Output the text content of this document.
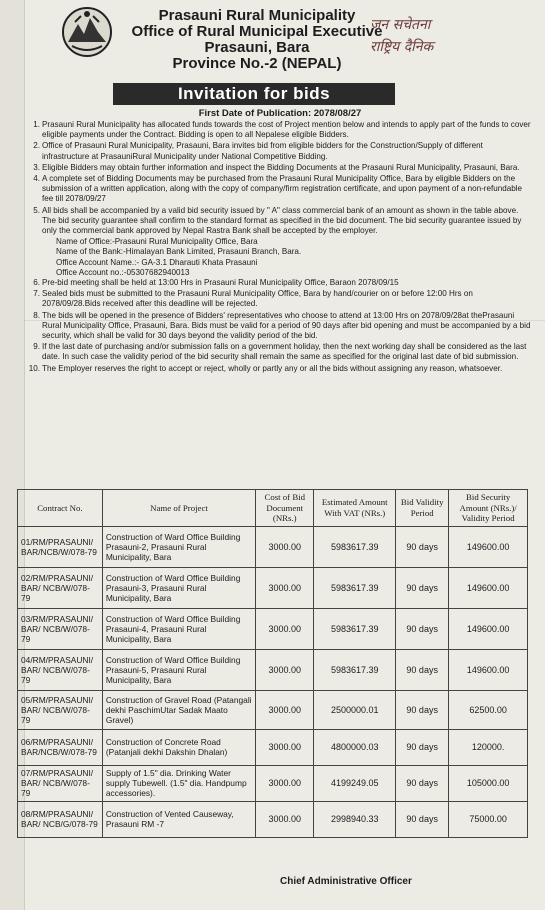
Prasauni Rural Municipality
Office of Rural Municipal Executive
Prasauni, Bara
Province No.-2 (NEPAL)
जन सचेतना
राष्ट्रिय दैनिक
Invitation for bids
First Date of Publication: 2078/08/27
1. Prasauni Rural Municipality has allocated funds towards the cost of Project mention below and intends to apply part of the funds to cover eligible payments under the Contract. Bidding is open to all Nepalese eligible Bidders.
2. Office of Prasauni Rural Municipality, Prasauni, Bara invites bid from eligible bidders for the Construction/Supply of different infrastructure at PrasauniRural Municipality under National Competitive Bidding.
3. Eligible Bidders may obtain further information and inspect the Bidding Documents at the Prasauni Rural Municipality, Prasauni, Bara.
4. A complete set of Bidding Documents may be purchased from the Prasauni Rural Municipality Office, Bara by eligible Bidders on the submission of a written application, along with the copy of company/firm registration certificate, and upon payment of a non-refundable fee till 2078/09/27
5. All bids shall be accompanied by a valid bid security issued by " A" class commercial bank of an amount as shown in the table above. The bid security guarantee shall confirm to the standard format as specified in the bid document. The bid security guarantee issued by only the commercial bank approved by Nepal Rastra Bank shall be accepted by the employer.
Name of Office:-Prasauni Rural Municipality Office, Bara
Name of the Bank:-Himalayan Bank Limited, Prasauni Branch, Bara.
Office Account Name.:- GA-3.1 Dharauti Khata Prasauni
Office Account no.:-05307682940013
6. Pre-bid meeting shall be held at 13:00 Hrs in Prasauni Rural Municipality Office, Baraon 2078/09/15
7. Sealed bids must be submitted to the Prasauni Rural Municipality Office, Bara by hand/courier on or before 12:00 Hrs on 2078/09/28.Bids received after this deadline will be rejected.
8. The bids will be opened in the presence of Bidders' representatives who choose to attend at 13:00 Hrs on 2078/09/28at thePrasauni Rural Municipality Office, Prasauni, Bara. Bids must be valid for a period of 90 days after bid opening and must be accompanied by a bid security, which shall be valid for 30 days beyond the validity period of the bid.
9. If the last date of purchasing and/or submission falls on a government holiday, then the next working day shall be considered as the last date. In such case the validity period of the bid security shall remain the same as specified for the original last date of bid submission.
10. The Employer reserves the right to accept or reject, wholly or partly any or all the bids without assigning any reason, whatsoever.
Contract No.	Name of Project	Cost of Bid Document (NRs.)	Estimated Amount With VAT (NRs.)	Bid Validity Period	Bid Security Amount (NRs.)/ Validity Period
01/RM/PRASAUNI/ BAR/NCB/W/078-79	Construction of Ward Office Building Prasauni-2, Prasauni Rural Municipality, Bara	3000.00	5983617.39	90 days	149600.00
02/RM/PRASAUNI/ BAR/ NCB/W/078-79	Construction of Ward Office Building Prasauni-3, Prasauni Rural Municipality, Bara	3000.00	5983617.39	90 days	149600.00
03/RM/PRASAUNI/ BAR/ NCB/W/078-79	Construction of Ward Office Building Prasauni-4, Prasauni Rural Municipality, Bara	3000.00	5983617.39	90 days	149600.00
04/RM/PRASAUNI/ BAR/ NCB/W/078-79	Construction of Ward Office Building Prasauni-5, Prasauni Rural Municipality, Bara	3000.00	5983617.39	90 days	149600.00
05/RM/PRASAUNI/ BAR/ NCB/W/078-79	Construction of Gravel Road (Patangali dekhi PaschimUtar Sadak Maato Gravel)	3000.00	2500000.01	90 days	62500.00
06/RM/PRASAUNI/ BAR/NCB/W/078-79	Construction of Concrete Road (Patanjali dekhi Dakshin Dhalan)	3000.00	4800000.03	90 days	120000.
07/RM/PRASAUNI/ BAR/ NCB/W/078-79	Supply of 1.5" dia. Drinking Water supply Tubewell. (1.5" dia. Handpump accessories).	3000.00	4199249.05	90 days	105000.00
08/RM/PRASAUNI/ BAR/ NCB/G/078-79	Construction of Vented Causeway, Prasauni RM -7	3000.00	2998940.33	90 days	75000.00
Chief Administrative Officer
